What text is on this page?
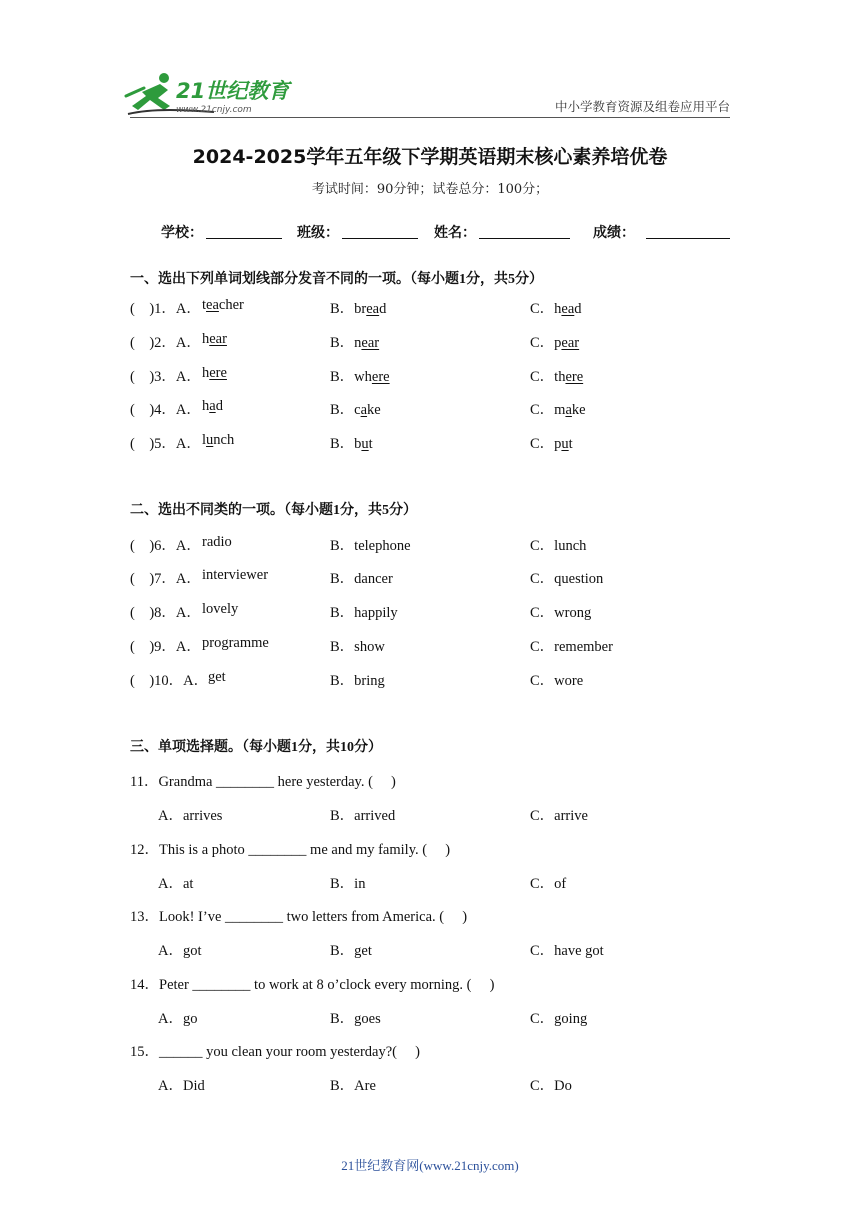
21世纪教育
www.21cnjy.com	中小学教育资源及组卷应用平台
2024-2025学年五年级下学期英语期末核心素养培优卷
考试时间：90分钟；试卷总分：100分；
学校：	班级：	姓名：	成绩：
一、选出下列单词划线部分发音不同的一项。（每小题1分，共5分）
(    )1．A． teacher	B．bread	C．head
(    )2．A． hear	B．near	C．pear
(    )3．A． here	B．where	C．there
(    )4．A． had	B．cake	C．make
(    )5．A． lunch	B．but	C．put
二、选出不同类的一项。（每小题1分，共5分）
(    )6．A． radio	B．telephone	C．lunch
(    )7．A． interviewer	B．dancer	C．question
(    )8．A． lovely	B．happily	C．wrong
(    )9．A． programme	B．show	C．remember
(    )10．A． get	B．bring	C．wore
三、单项选择题。（每小题1分，共10分）
11．Grandma ________ here yesterday. (     )
A．arrives	B．arrived	C．arrive
12．This is a photo ________ me and my family. (     )
A．at	B．in	C．of
13．Look! I’ve ________ two letters from America. (     )
A．got	B．get	C．have got
14．Peter ________ to work at 8 o’clock every morning. (     )
A．go	B．goes	C．going
15．______ you clean your room yesterday?(     )
A．Did	B．Are	C．Do
21世纪教育网(www.21cnjy.com)
